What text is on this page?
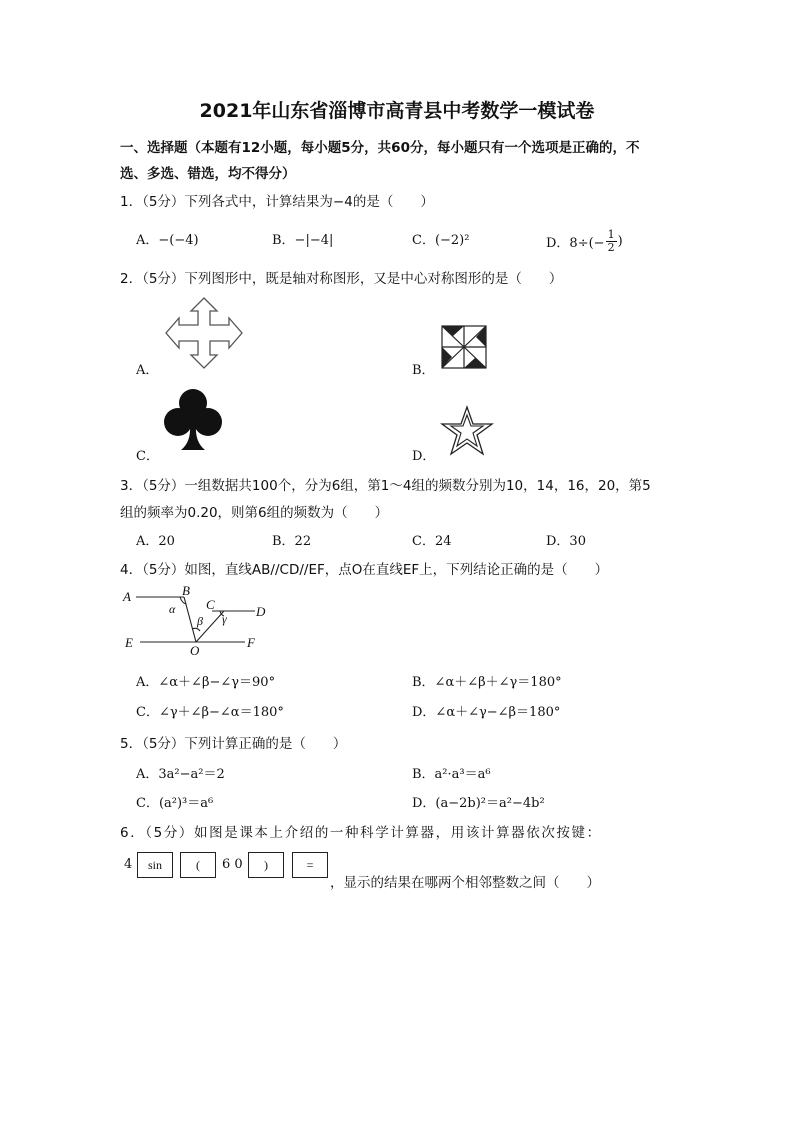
2021年山东省淄博市高青县中考数学一模试卷
一、选择题（本题有12小题，每小题5分，共60分，每小题只有一个选项是正确的，不
选、多选、错选，均不得分）
1．（5分）下列各式中，计算结果为−4的是（　　）
A．−(−4)	B．−|−4|	C．(−2)²	D．$8\div(- \frac{1}{2}$ )
2．（5分）下列图形中，既是轴对称图形，又是中心对称图形的是（　　）
A．	B．
C．	D．
3．（5分）一组数据共100个，分为6组，第1～4组的频数分别为10，14，16，20，第5
组的频率为0.20，则第6组的频数为（　　）
A．20	B．22	C．24	D．30
4．（5分）如图，直线AB//CD//EF，点O在直线EF上，下列结论正确的是（　　）
A	B
C	D
E	F
O
α
β γ
A．∠α＋∠β−∠γ＝90°	B．∠α＋∠β＋∠γ＝180°
C．∠γ＋∠β−∠α＝180°	D．∠α＋∠γ−∠β＝180°
5．（5分）下列计算正确的是（　　）
A．3a²−a²＝2	B．a²·a³＝a⁶
C．(a²)³＝a⁶	D．(a−2b)²＝a²−4b²
6．（5分）如图是课本上介绍的一种科学计算器，用该计算器依次按键：
4	sin	(	6 0	)	=
，显示的结果在哪两个相邻整数之间（　　）
